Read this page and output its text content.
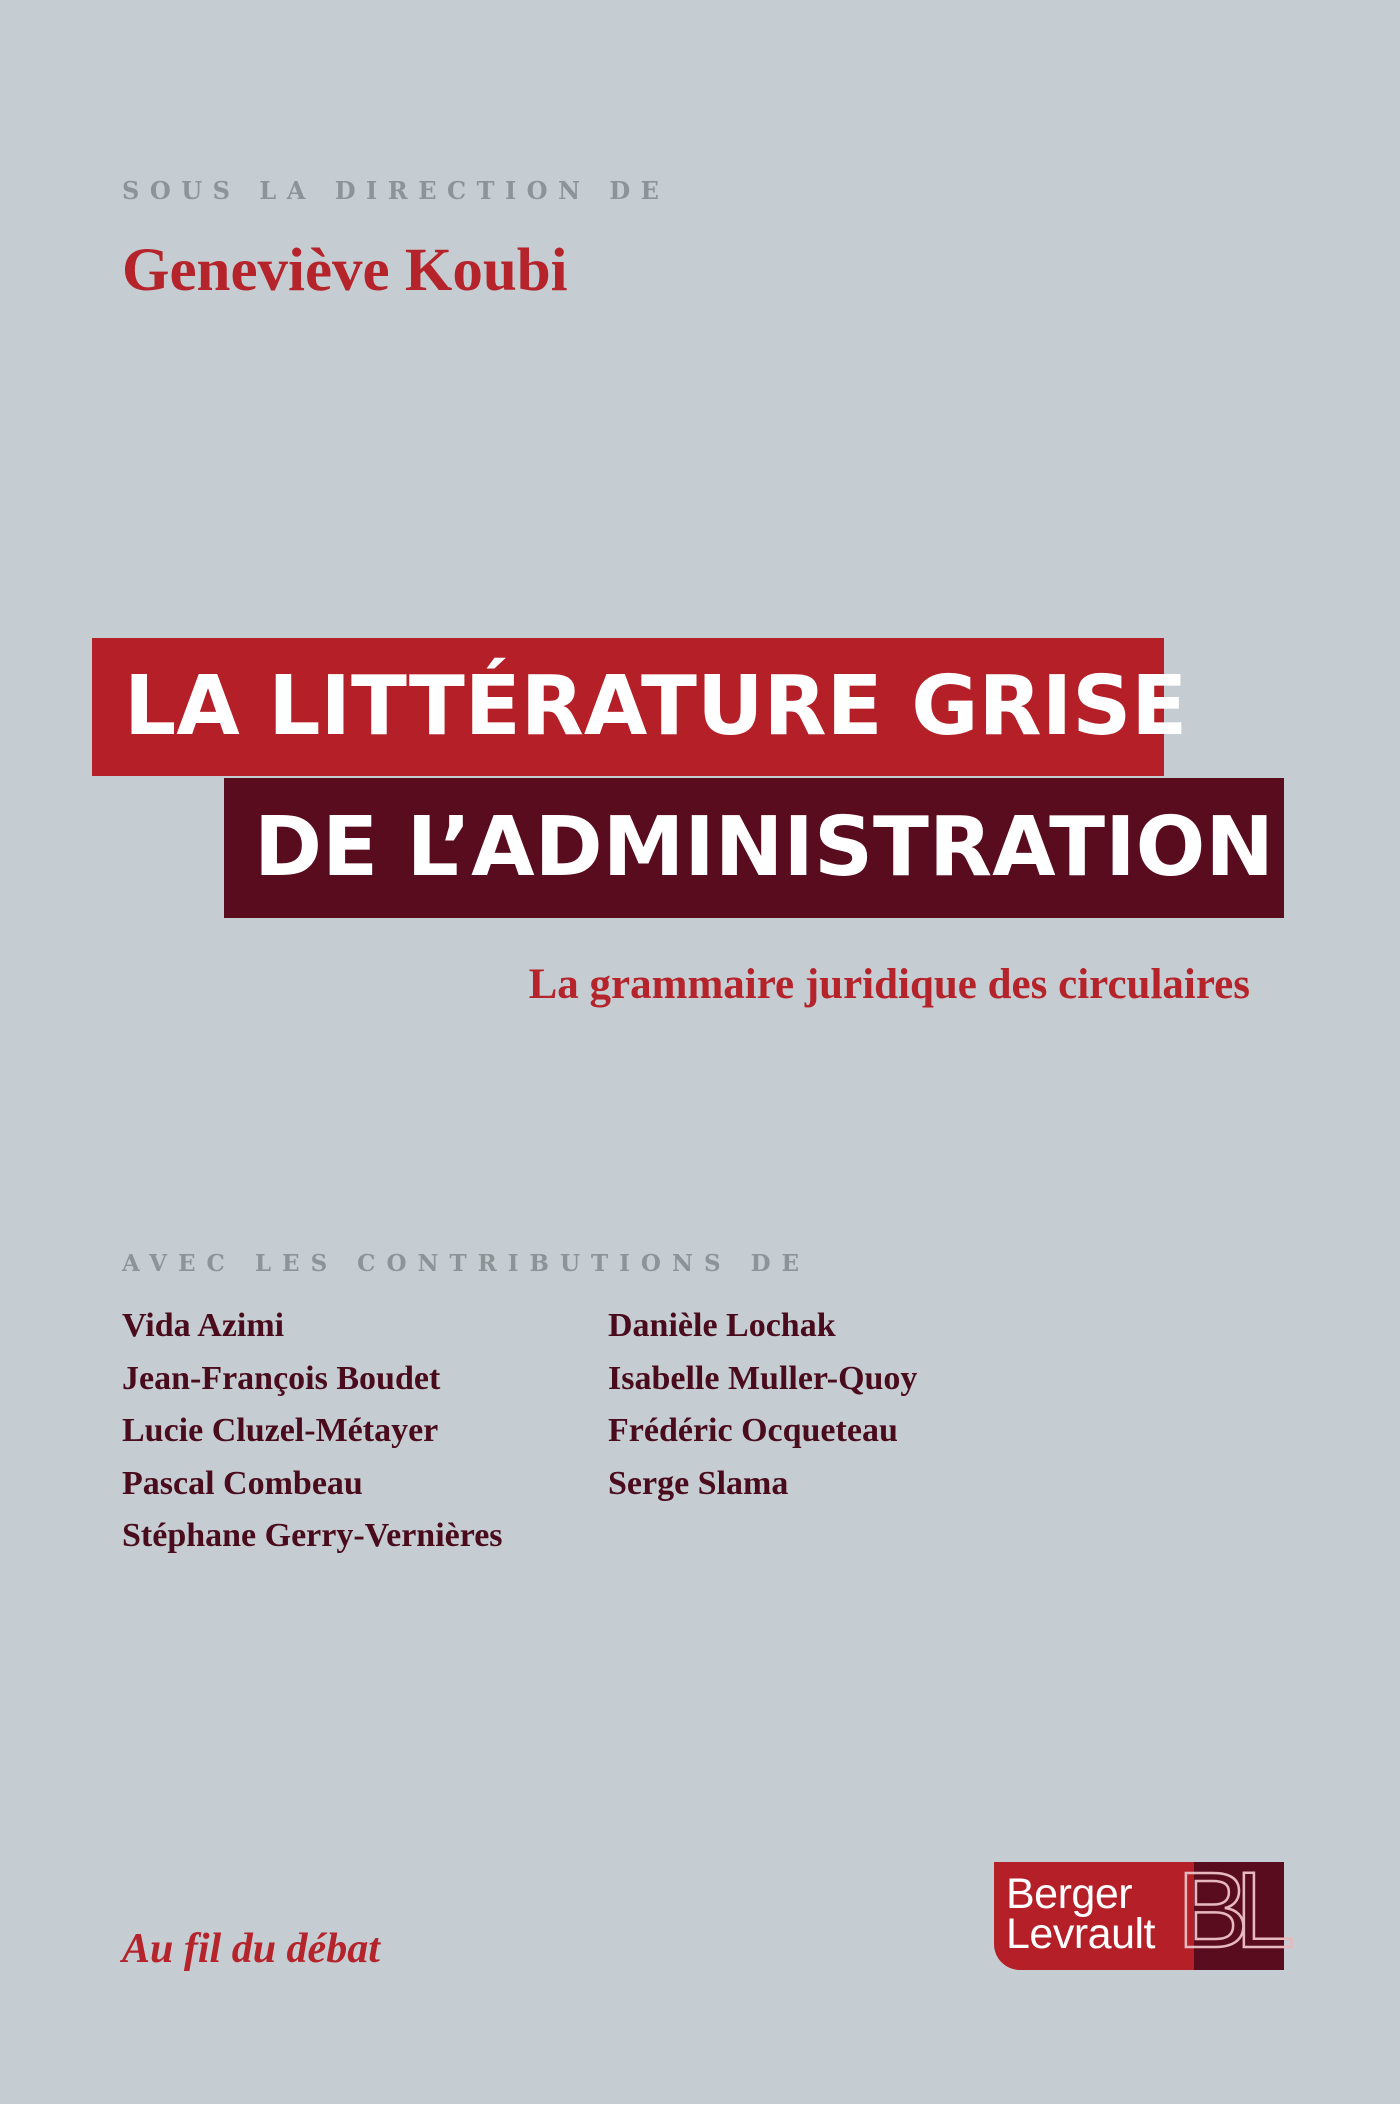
SOUS LA DIRECTION DE
Geneviève Koubi
LA LITTÉRATURE GRISE
DE L’ADMINISTRATION
La grammaire juridique des circulaires
AVEC LES CONTRIBUTIONS DE
Vida Azimi
Jean-François Boudet
Lucie Cluzel-Métayer
Pascal Combeau
Stéphane Gerry-Vernières
Danièle Lochak
Isabelle Muller-Quoy
Frédéric Ocqueteau
Serge Slama
Au fil du débat	BL
Berger
Levrault
